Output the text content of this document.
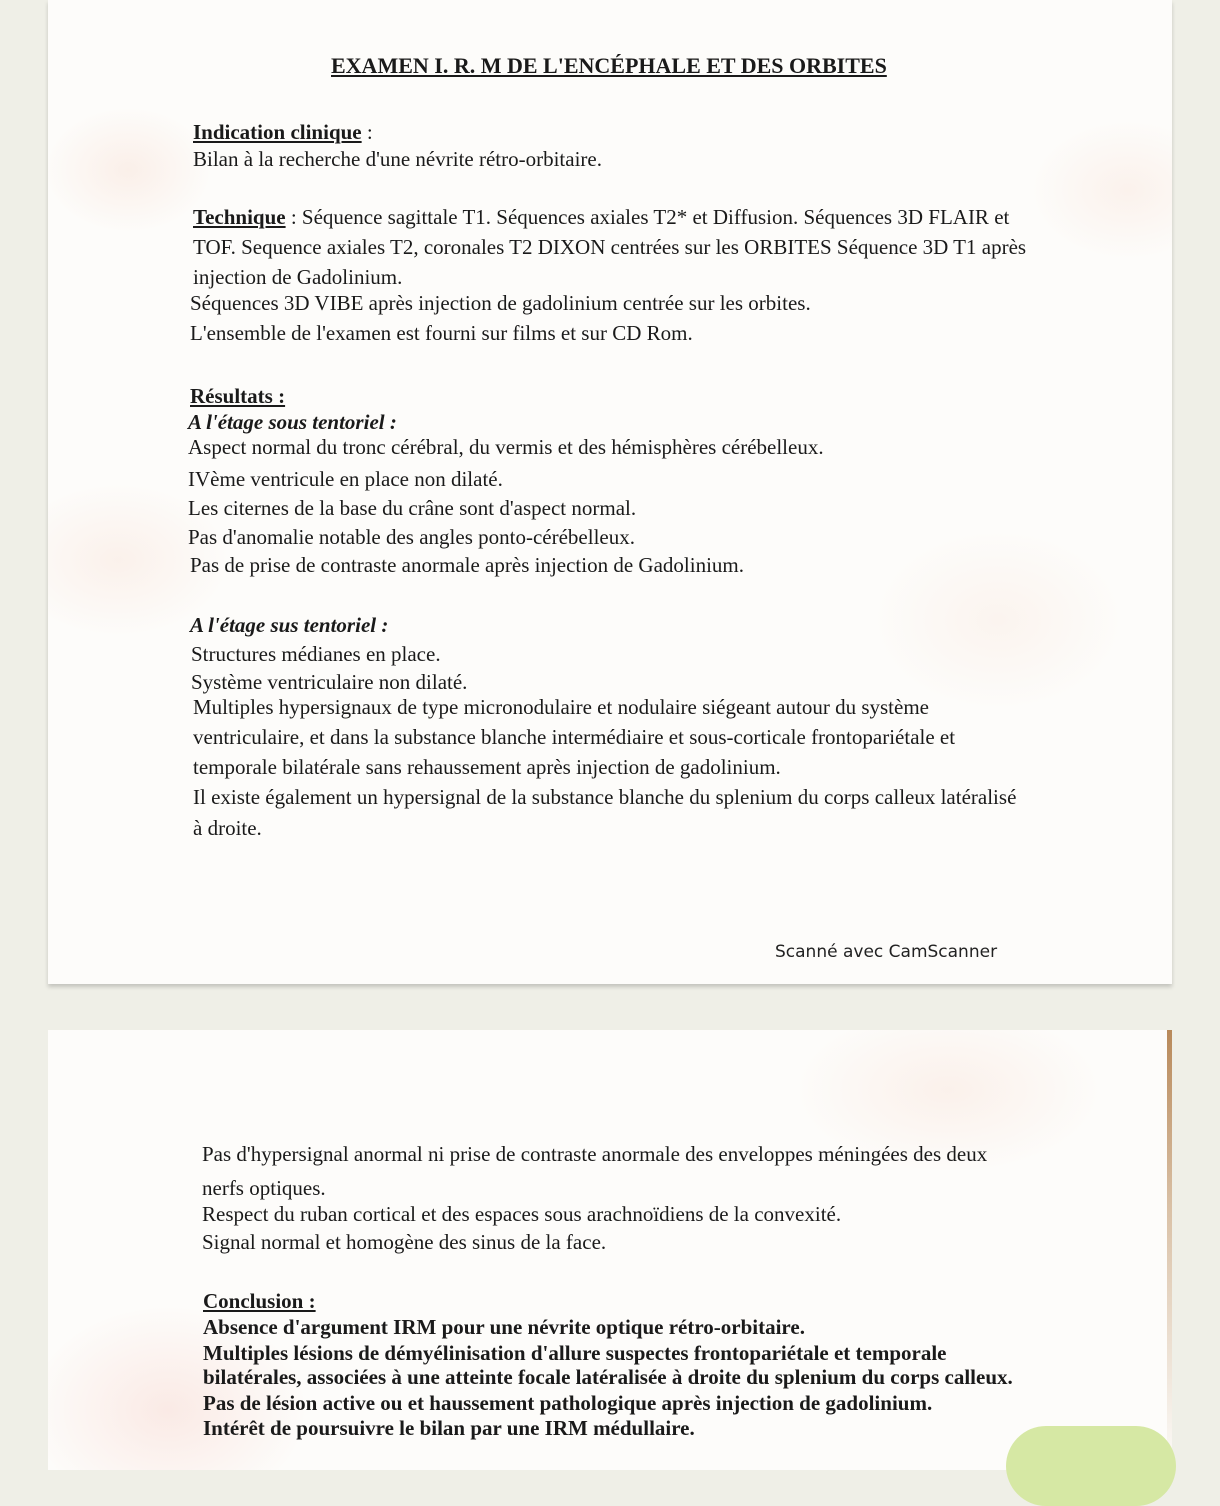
EXAMEN I. R. M DE L'ENCÉPHALE ET DES ORBITES
Indication clinique :
Bilan à la recherche d'une névrite rétro-orbitaire.
Technique : Séquence sagittale T1. Séquences axiales T2* et Diffusion. Séquences 3D FLAIR et
TOF. Sequence axiales T2, coronales T2 DIXON centrées sur les ORBITES Séquence 3D T1 après
injection de Gadolinium.
Séquences 3D VIBE après injection de gadolinium centrée sur les orbites.
L'ensemble de l'examen est fourni sur films et sur CD Rom.
Résultats :
A l'étage sous tentoriel :
Aspect normal du tronc cérébral, du vermis et des hémisphères cérébelleux.
IVème ventricule en place non dilaté.
Les citernes de la base du crâne sont d'aspect normal.
Pas d'anomalie notable des angles ponto-cérébelleux.
Pas de prise de contraste anormale après injection de Gadolinium.
A l'étage sus tentoriel :
Structures médianes en place.
Système ventriculaire non dilaté.
Multiples hypersignaux de type micronodulaire et nodulaire siégeant autour du système
ventriculaire, et dans la substance blanche intermédiaire et sous-corticale frontopariétale et
temporale bilatérale sans rehaussement après injection de gadolinium.
Il existe également un hypersignal de la substance blanche du splenium du corps calleux latéralisé
à droite.
Scanné avec CamScanner
Pas d'hypersignal anormal ni prise de contraste anormale des enveloppes méningées des deux
nerfs optiques.
Respect du ruban cortical et des espaces sous arachnoïdiens de la convexité.
Signal normal et homogène des sinus de la face.
Conclusion :
Absence d'argument IRM pour une névrite optique rétro-orbitaire.
Multiples lésions de démyélinisation d'allure suspectes frontopariétale et temporale
bilatérales, associées à une atteinte focale latéralisée à droite du splenium du corps calleux.
Pas de lésion active ou et haussement pathologique après injection de gadolinium.
Intérêt de poursuivre le bilan par une IRM médullaire.
